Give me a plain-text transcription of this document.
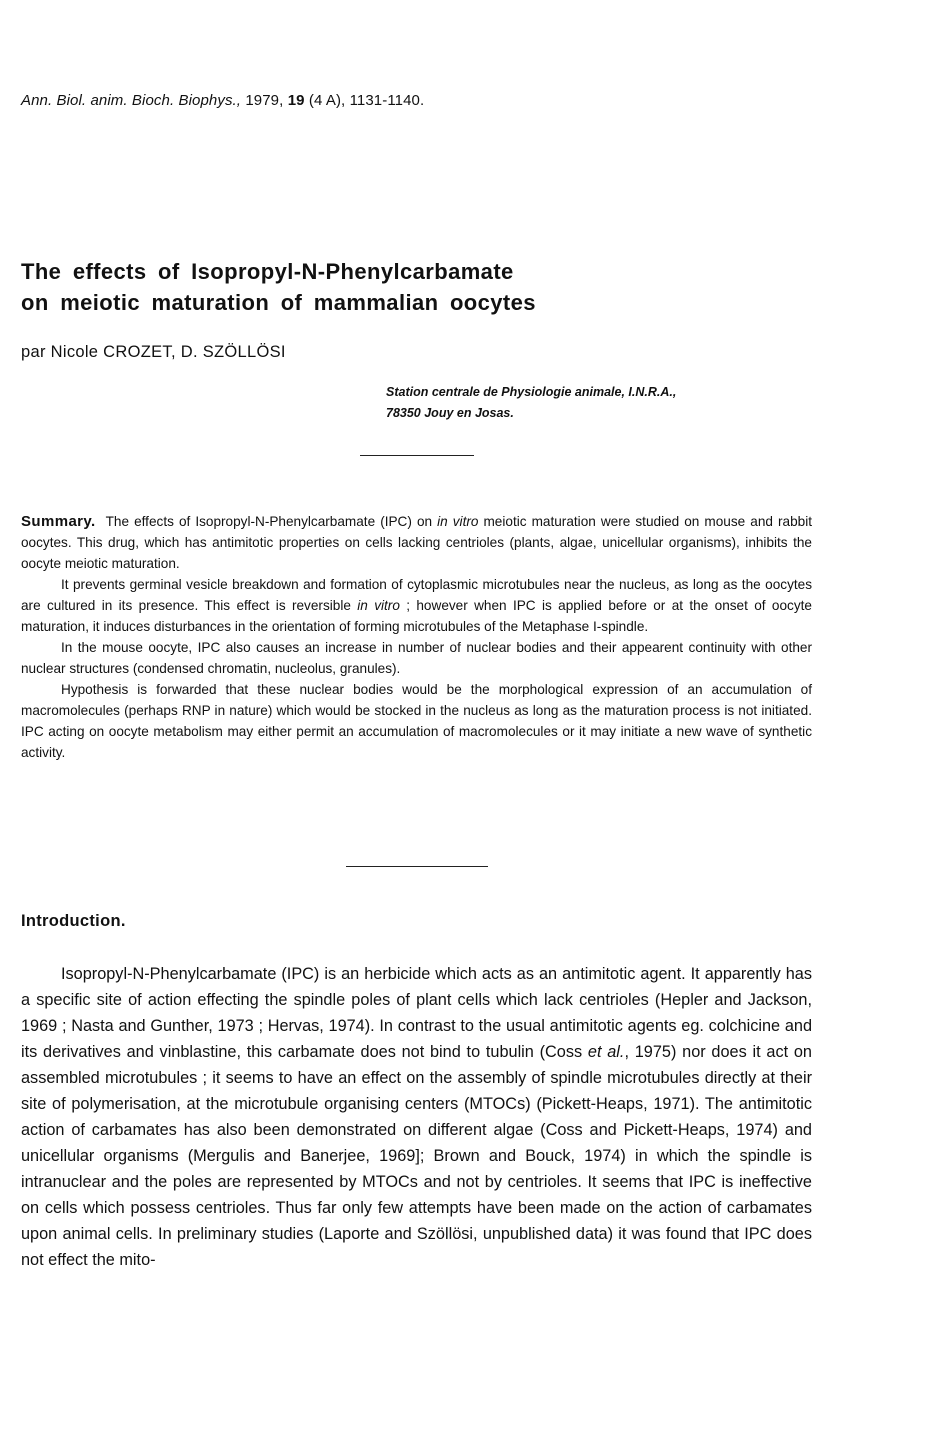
Ann. Biol. anim. Bioch. Biophys., 1979, 19 (4 A), 1131-1140.
The effects of Isopropyl-N-Phenylcarbamate
on meiotic maturation of mammalian oocytes
par Nicole CROZET, D. SZÖLLÖSI
Station centrale de Physiologie animale, I.N.R.A.,
78350 Jouy en Josas.

Summary. The effects of Isopropyl-N-Phenylcarbamate (IPC) on in vitro meiotic maturation were studied on mouse and rabbit oocytes. This drug, which has antimitotic properties on cells lacking centrioles (plants, algae, unicellular organisms), inhibits the oocyte meiotic maturation.

It prevents germinal vesicle breakdown and formation of cytoplasmic microtubules near the nucleus, as long as the oocytes are cultured in its presence. This effect is reversible in vitro ; however when IPC is applied before or at the onset of oocyte maturation, it induces disturbances in the orientation of forming microtubules of the Metaphase I-spindle.

In the mouse oocyte, IPC also causes an increase in number of nuclear bodies and their appearent continuity with other nuclear structures (condensed chromatin, nucleolus, granules).

Hypothesis is forwarded that these nuclear bodies would be the morphological expression of an accumulation of macromolecules (perhaps RNP in nature) which would be stocked in the nucleus as long as the maturation process is not initiated. IPC acting on oocyte metabolism may either permit an accumulation of macromolecules or it may initiate a new wave of synthetic activity.

Introduction.

Isopropyl-N-Phenylcarbamate (IPC) is an herbicide which acts as an antimitotic agent. It apparently has a specific site of action effecting the spindle poles of plant cells which lack centrioles (Hepler and Jackson, 1969 ; Nasta and Gunther, 1973 ; Hervas, 1974). In contrast to the usual antimitotic agents eg. colchicine and its derivatives and vinblastine, this carbamate does not bind to tubulin (Coss et al., 1975) nor does it act on assembled microtubules ; it seems to have an effect on the assembly of spindle microtubules directly at their site of polymerisation, at the microtubule organising centers (MTOCs) (Pickett-Heaps, 1971). The antimitotic action of carbamates has also been demonstrated on different algae (Coss and Pickett-Heaps, 1974) and unicellular organisms (Mergulis and Banerjee, 1969]; Brown and Bouck, 1974) in which the spindle is intranuclear and the poles are represented by MTOCs and not by centrioles. It seems that IPC is ineffective on cells which possess centrioles. Thus far only few attempts have been made on the action of carbamates upon animal cells. In preliminary studies (Laporte and Szöllösi, unpublished data) it was found that IPC does not effect the mito-
